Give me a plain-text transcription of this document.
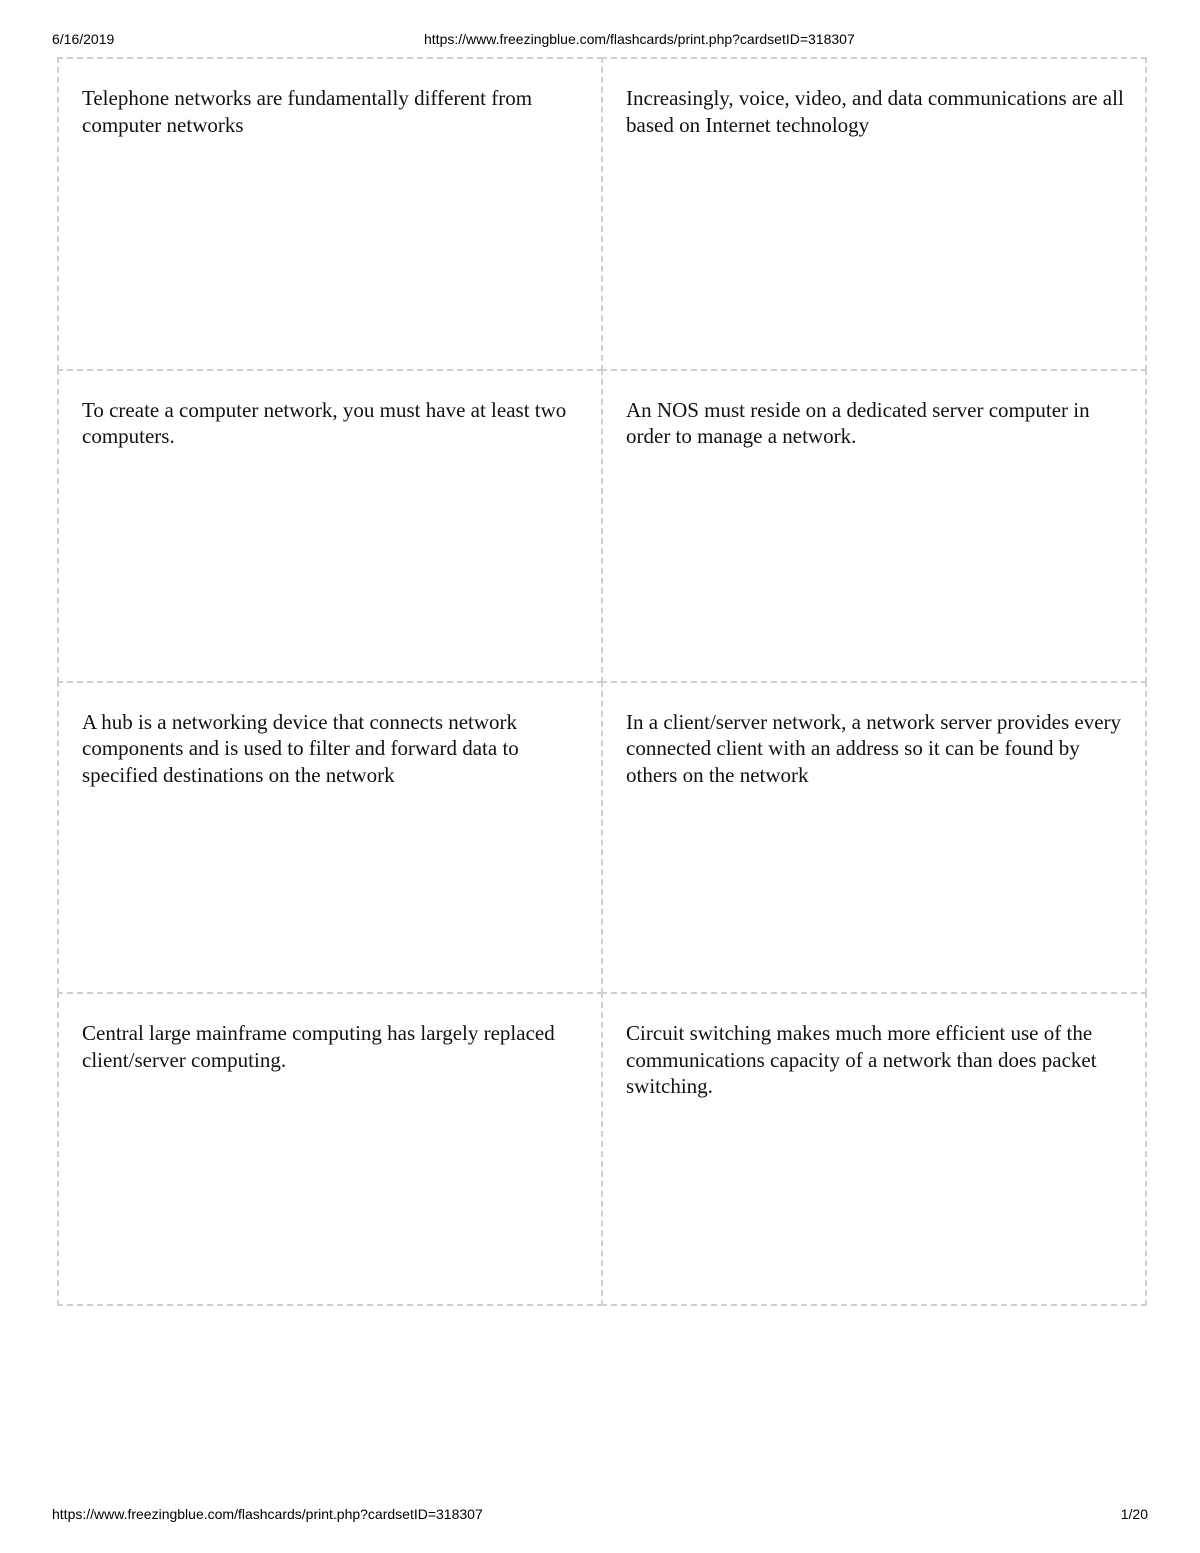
6/16/2019	https://www.freezingblue.com/flashcards/print.php?cardsetID=318307

Telephone networks are fundamentally different from computer networks

Increasingly, voice, video, and data communications are all based on Internet technology

To create a computer network, you must have at least two computers.

An NOS must reside on a dedicated server computer in order to manage a network.

A hub is a networking device that connects network components and is used to filter and forward data to specified destinations on the network

In a client/server network, a network server provides every connected client with an address so it can be found by others on the network

Central large mainframe computing has largely replaced client/server computing.

Circuit switching makes much more efficient use of the communications capacity of a network than does packet switching.

https://www.freezingblue.com/flashcards/print.php?cardsetID=318307	1/20
